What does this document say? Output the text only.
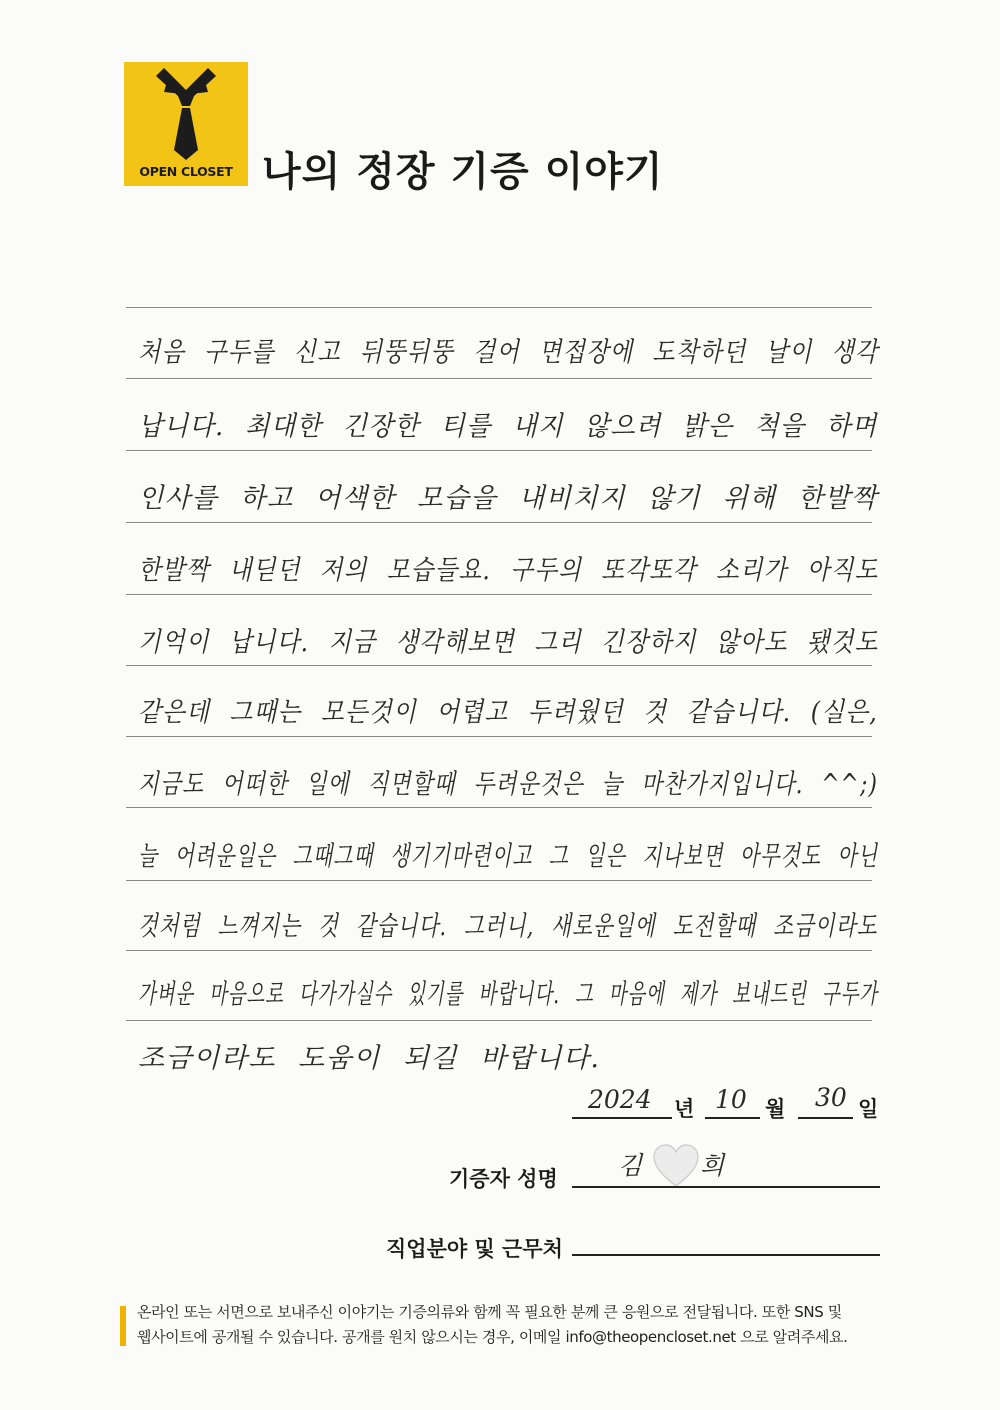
OPEN CLOSET 나의 정장 기증 이야기
처음 구두를 신고 뒤뚱뒤뚱 걸어 면접장에 도착하던 날이 생각
납니다. 최대한 긴장한 티를 내지 않으려 밝은 척을 하며
인사를 하고 어색한 모습을 내비치지 않기 위해 한발짝
한발짝 내딛던 저의 모습들요. 구두의 또각또각 소리가 아직도
기억이 납니다. 지금 생각해보면 그리 긴장하지 않아도 됐것도
같은데 그때는 모든것이 어렵고 두려웠던 것 같습니다. (실은,
지금도 어떠한 일에 직면할때 두려운것은 늘 마찬가지입니다. ^^;)
늘 어려운일은 그때그때 생기기마련이고 그 일은 지나보면 아무것도 아닌
것처럼 느껴지는 것 같습니다. 그러니, 새로운일에 도전할때 조금이라도
가벼운 마음으로 다가가실수 있기를 바랍니다. 그 마음에 제가 보내드린 구두가
조금이라도 도움이 되길 바랍니다.
2024 년 10 월 30 일
기증자 성명 김 희
직업분야 및 근무처
온라인 또는 서면으로 보내주신 이야기는 기증의류와 함께 꼭 필요한 분께 큰 응원으로 전달됩니다. 또한 SNS 및
웹사이트에 공개될 수 있습니다. 공개를 원치 않으시는 경우, 이메일 info@theopencloset.net 으로 알려주세요.
